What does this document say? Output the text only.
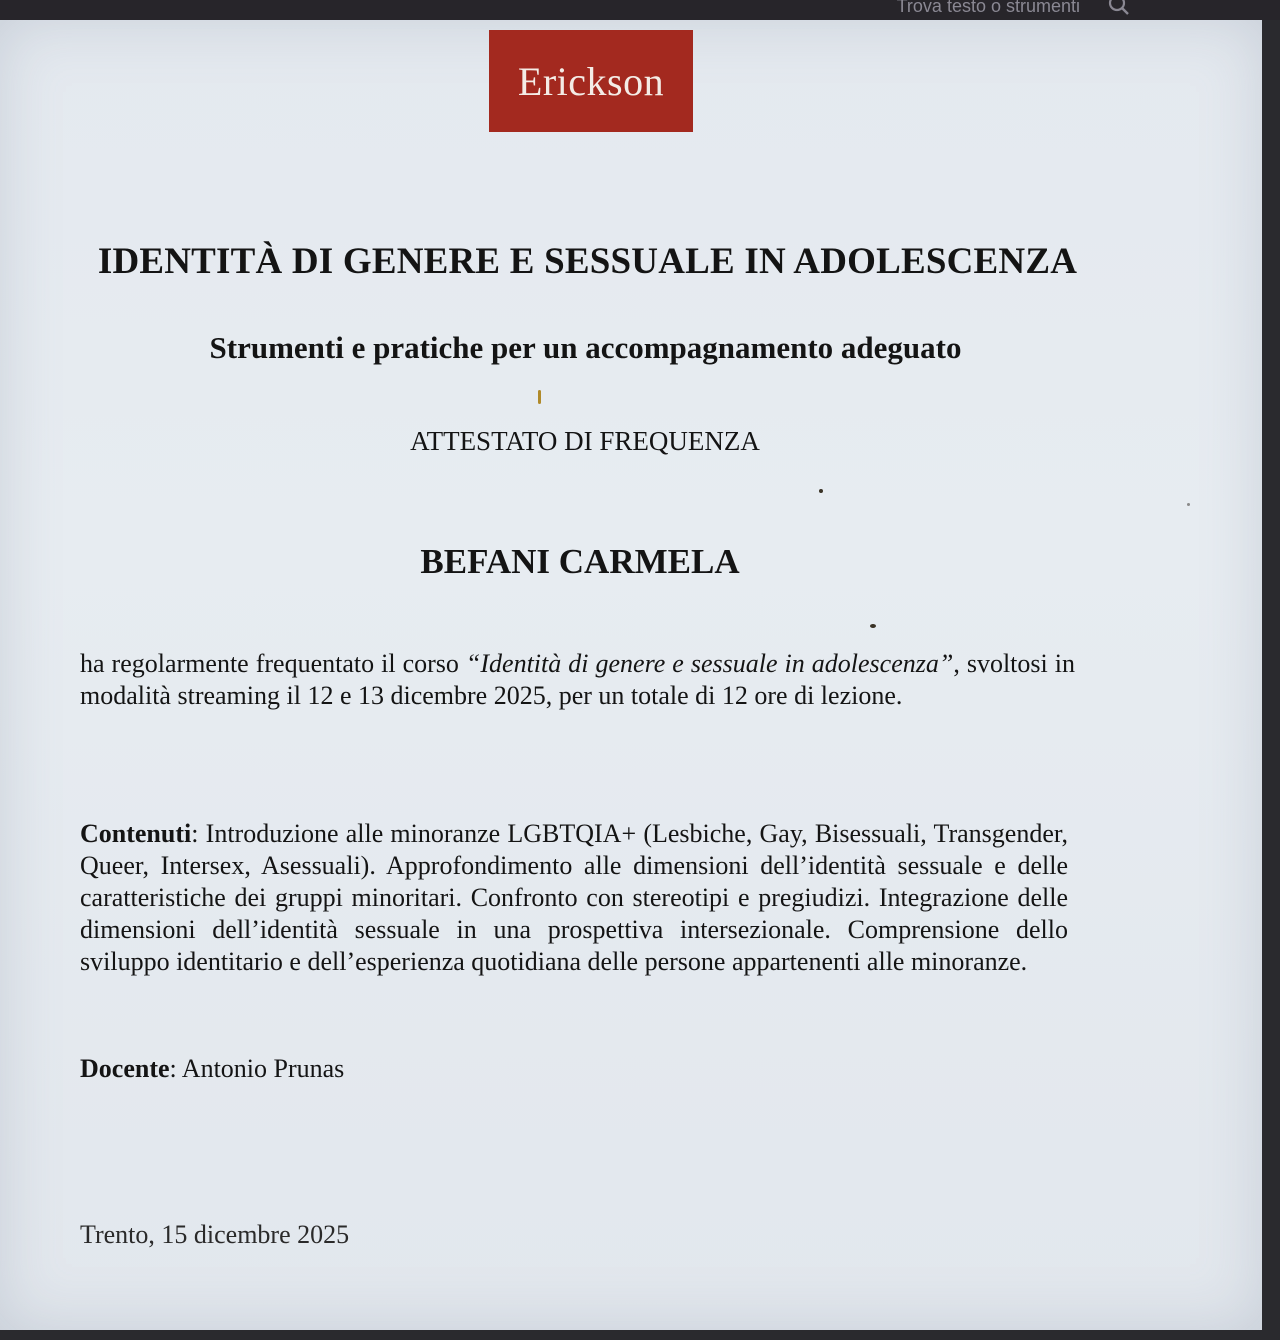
Trova testo o strumenti
Erickson
IDENTITÀ DI GENERE E SESSUALE IN ADOLESCENZA
Strumenti e pratiche per un accompagnamento adeguato
ATTESTATO DI FREQUENZA
BEFANI CARMELA
ha regolarmente frequentato il corso “Identità di genere e sessuale in adolescenza”, svoltosi in modalità streaming il 12 e 13 dicembre 2025, per un totale di 12 ore di lezione.
Contenuti: Introduzione alle minoranze LGBTQIA+ (Lesbiche, Gay, Bisessuali, Transgender, Queer, Intersex, Asessuali). Approfondimento alle dimensioni dell’identità sessuale e delle caratteristiche dei gruppi minoritari. Confronto con stereotipi e pregiudizi. Integrazione delle dimensioni dell’identità sessuale in una prospettiva intersezionale. Comprensione dello sviluppo identitario e dell’esperienza quotidiana delle persone appartenenti alle minoranze.
Docente: Antonio Prunas
Trento, 15 dicembre 2025
